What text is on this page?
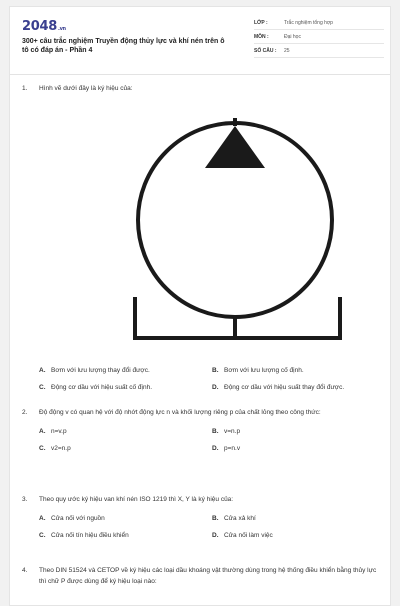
2048.vn
300+ câu trắc nghiệm Truyền động thủy lực và khí nén trên ô tô có đáp án - Phần 4
LỚP :	Trắc nghiệm tổng hợp
MÔN :	Đại học
SỐ CÂU :	25
1.	Hình vẽ dưới đây là ký hiệu của:
A. Bơm với lưu lượng thay đổi được.	B. Bơm với lưu lượng cố định.
C. Động cơ dầu với hiệu suất cố định.	D. Động cơ dầu với hiệu suất thay đổi được.
2.	Độ động v có quan hệ với độ nhớt động lực n và khối lượng riêng p của chất lỏng theo công thức:
A. n=v.p	B. v=n.p
C. v2=n.p	D. p=n.v
3.	Theo quy ước ký hiệu van khí nén ISO 1219 thì X, Y là ký hiệu của:
A. Cửa nối với nguồn	B. Cửa xả khí
C. Cửa nối tín hiệu điều khiển	D. Cửa nối làm việc
4.	Theo DIN 51524 và CETOP về ký hiệu các loại dầu khoáng vật thường dùng trong hệ thống điều khiển bằng thủy lực thì chữ P được dùng để ký hiệu loại nào:
